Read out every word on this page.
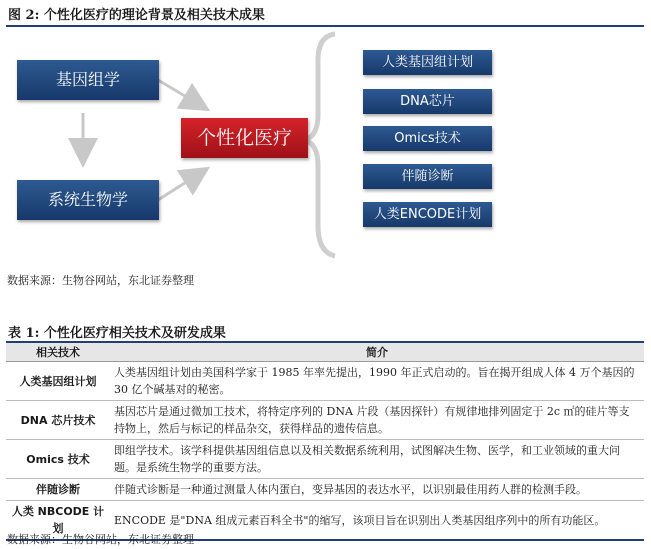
图 2: 个性化医疗的理论背景及相关技术成果
基因组学
系统生物学
个性化医疗
人类基因组计划
DNA芯片
Omics技术
伴随诊断
人类ENCODE计划
数据来源：生物谷网站，东北证券整理
表 1: 个性化医疗相关技术及研发成果
相关技术	简介
人类基因组计划	人类基因组计划由美国科学家于 1985 年率先提出，1990 年正式启动的。旨在揭开组成人体 4 万个基因的 30 亿个碱基对的秘密。
DNA 芯片技术	基因芯片是通过微加工技术，将特定序列的 DNA 片段（基因探针）有规律地排列固定于 2c ㎡的硅片等支持物上，然后与标记的样品杂交，获得样品的遗传信息。
Omics 技术	即组学技术。该学科提供基因组信息以及相关数据系统利用，试图解决生物、医学，和工业领域的重大问题。是系统生物学的重要方法。
伴随诊断	伴随式诊断是一种通过测量人体内蛋白，变异基因的表达水平，以识别最佳用药人群的检测手段。
人类 NBCODE 计划	ENCODE 是"DNA 组成元素百科全书"的缩写，该项目旨在识别出人类基因组序列中的所有功能区。
数据来源：生物谷网站，东北证券整理
